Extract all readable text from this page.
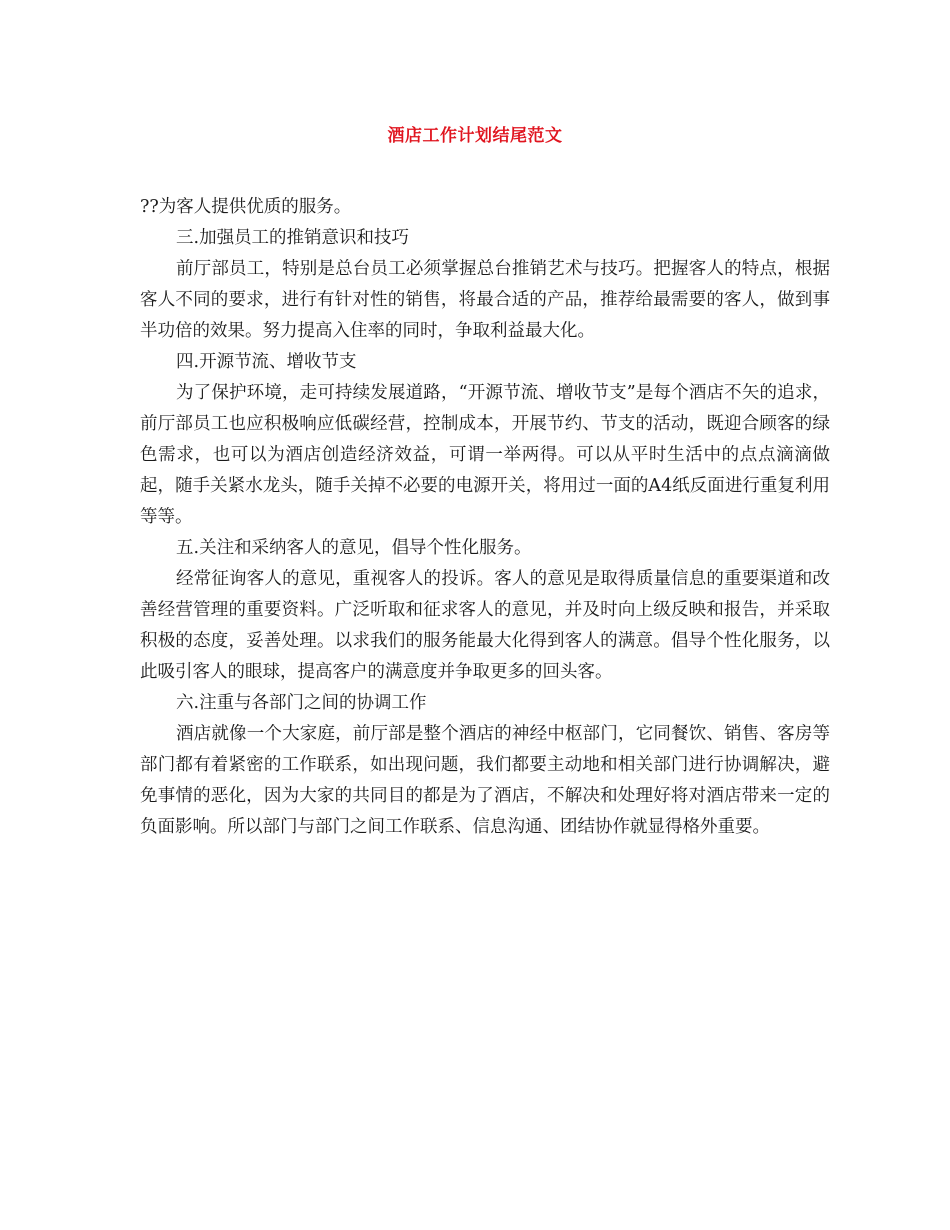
酒店工作计划结尾范文

??为客人提供优质的服务。

三.加强员工的推销意识和技巧

前厅部员工，特别是总台员工必须掌握总台推销艺术与技巧。把握客人的特点，根据客人不同的要求，进行有针对性的销售，将最合适的产品，推荐给最需要的客人，做到事半功倍的效果。努力提高入住率的同时，争取利益最大化。

四.开源节流、增收节支

为了保护环境，走可持续发展道路，“开源节流、增收节支”是每个酒店不矢的追求，前厅部员工也应积极响应低碳经营，控制成本，开展节约、节支的活动，既迎合顾客的绿色需求，也可以为酒店创造经济效益，可谓一举两得。可以从平时生活中的点点滴滴做起，随手关紧水龙头，随手关掉不必要的电源开关，将用过一面的A4纸反面进行重复利用等等。

五.关注和采纳客人的意见，倡导个性化服务。

经常征询客人的意见，重视客人的投诉。客人的意见是取得质量信息的重要渠道和改善经营管理的重要资料。广泛听取和征求客人的意见，并及时向上级反映和报告，并采取积极的态度，妥善处理。以求我们的服务能最大化得到客人的满意。倡导个性化服务，以此吸引客人的眼球，提高客户的满意度并争取更多的回头客。

六.注重与各部门之间的协调工作

酒店就像一个大家庭，前厅部是整个酒店的神经中枢部门，它同餐饮、销售、客房等部门都有着紧密的工作联系，如出现问题，我们都要主动地和相关部门进行协调解决，避免事情的恶化，因为大家的共同目的都是为了酒店，不解决和处理好将对酒店带来一定的负面影响。所以部门与部门之间工作联系、信息沟通、团结协作就显得格外重要。
